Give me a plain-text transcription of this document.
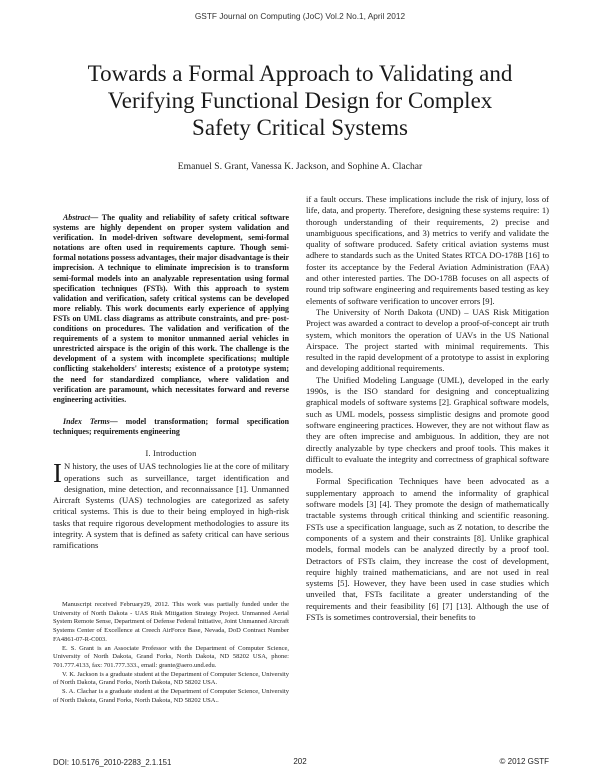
GSTF Journal on Computing (JoC) Vol.2 No.1, April 2012
Towards a Formal Approach to Validating and
Verifying Functional Design for Complex
Safety Critical Systems
Emanuel S. Grant, Vanessa K. Jackson, and Sophine A. Clachar

Abstract— The quality and reliability of safety critical software systems are highly dependent on proper system validation and verification. In model-driven software development, semi-formal notations are often used in requirements capture. Though semi-formal notations possess advantages, their major disadvantage is their imprecision. A technique to eliminate imprecision is to transform semi-formal models into an analyzable representation using formal specification techniques (FSTs). With this approach to system validation and verification, safety critical systems can be developed more reliably. This work documents early experience of applying FSTs on UML class diagrams as attribute constraints, and pre- post-conditions on procedures. The validation and verification of the requirements of a system to monitor unmanned aerial vehicles in unrestricted airspace is the origin of this work. The challenge is the development of a system with incomplete specifications; multiple conflicting stakeholders' interests; existence of a prototype system; the need for standardized compliance, where validation and verification are paramount, which necessitates forward and reverse engineering activities.

Index Terms— model transformation; formal specification techniques; requirements engineering

I. Introduction

I N history, the uses of UAS technologies lie at the core of military operations such as surveillance, target identification and designation, mine detection, and reconnaissance [1]. Unmanned Aircraft Systems (UAS) technologies are categorized as safety critical systems. This is due to their being employed in high-risk tasks that require rigorous development methodologies to assure its integrity. A system that is defined as safety critical can have serious ramifications

Manuscript received February29, 2012. This work was partially funded under the University of North Dakota - UAS Risk Mitigation Strategy Project. Unmanned Aerial System Remote Sense, Department of Defense Federal Initiative, Joint Unmanned Aircraft Systems Center of Excellence at Creech AirForce Base, Nevada, DoD Contract Number FA4861-07-R-C003.

E. S. Grant is an Associate Professor with the Department of Computer Science, University of North Dakota, Grand Forks, North Dakota, ND 58202 USA, phone: 701.777.4133, fax: 701.777.333., email: grante@aero.und.edu.

V. K. Jackson is a graduate student at the Department of Computer Science, University of North Dakota, Grand Forks, North Dakota, ND 58202 USA.

S. A. Clachar is a graduate student at the Department of Computer Science, University of North Dakota, Grand Forks, North Dakota, ND 58202 USA..

if a fault occurs. These implications include the risk of injury, loss of life, data, and property. Therefore, designing these systems require: 1) thorough understanding of their requirements, 2) precise and unambiguous specifications, and 3) metrics to verify and validate the quality of software produced. Safety critical aviation systems must adhere to standards such as the United States RTCA DO-178B [16] to foster its acceptance by the Federal Aviation Administration (FAA) and other interested parties. The DO-178B focuses on all aspects of round trip software engineering and requirements based testing as key elements of software verification to uncover errors [9].

The University of North Dakota (UND) – UAS Risk Mitigation Project was awarded a contract to develop a proof-of-concept air truth system, which monitors the operation of UAVs in the US National Airspace. The project started with minimal requirements. This resulted in the rapid development of a prototype to assist in exploring and developing additional requirements.

The Unified Modeling Language (UML), developed in the early 1990s, is the ISO standard for designing and conceptualizing graphical models of software systems [2]. Graphical software models, such as UML models, possess simplistic designs and promote good software engineering practices. However, they are not without flaw as they are often imprecise and ambiguous. In addition, they are not directly analyzable by type checkers and proof tools. This makes it difficult to evaluate the integrity and correctness of graphical software models.

Formal Specification Techniques have been advocated as a supplementary approach to amend the informality of graphical software models [3] [4]. They promote the design of mathematically tractable systems through critical thinking and scientific reasoning. FSTs use a specification language, such as Z notation, to describe the components of a system and their constraints [8]. Unlike graphical models, formal models can be analyzed directly by a proof tool. Detractors of FSTs claim, they increase the cost of development, require highly trained mathematicians, and are not used in real systems [5]. However, they have been used in case studies which unveiled that, FSTs facilitate a greater understanding of the requirements and their feasibility [6] [7] [13]. Although the use of FSTs is sometimes controversial, their benefits to

DOI: 10.5176_2010-2283_2.1.151	202	© 2012 GSTF
